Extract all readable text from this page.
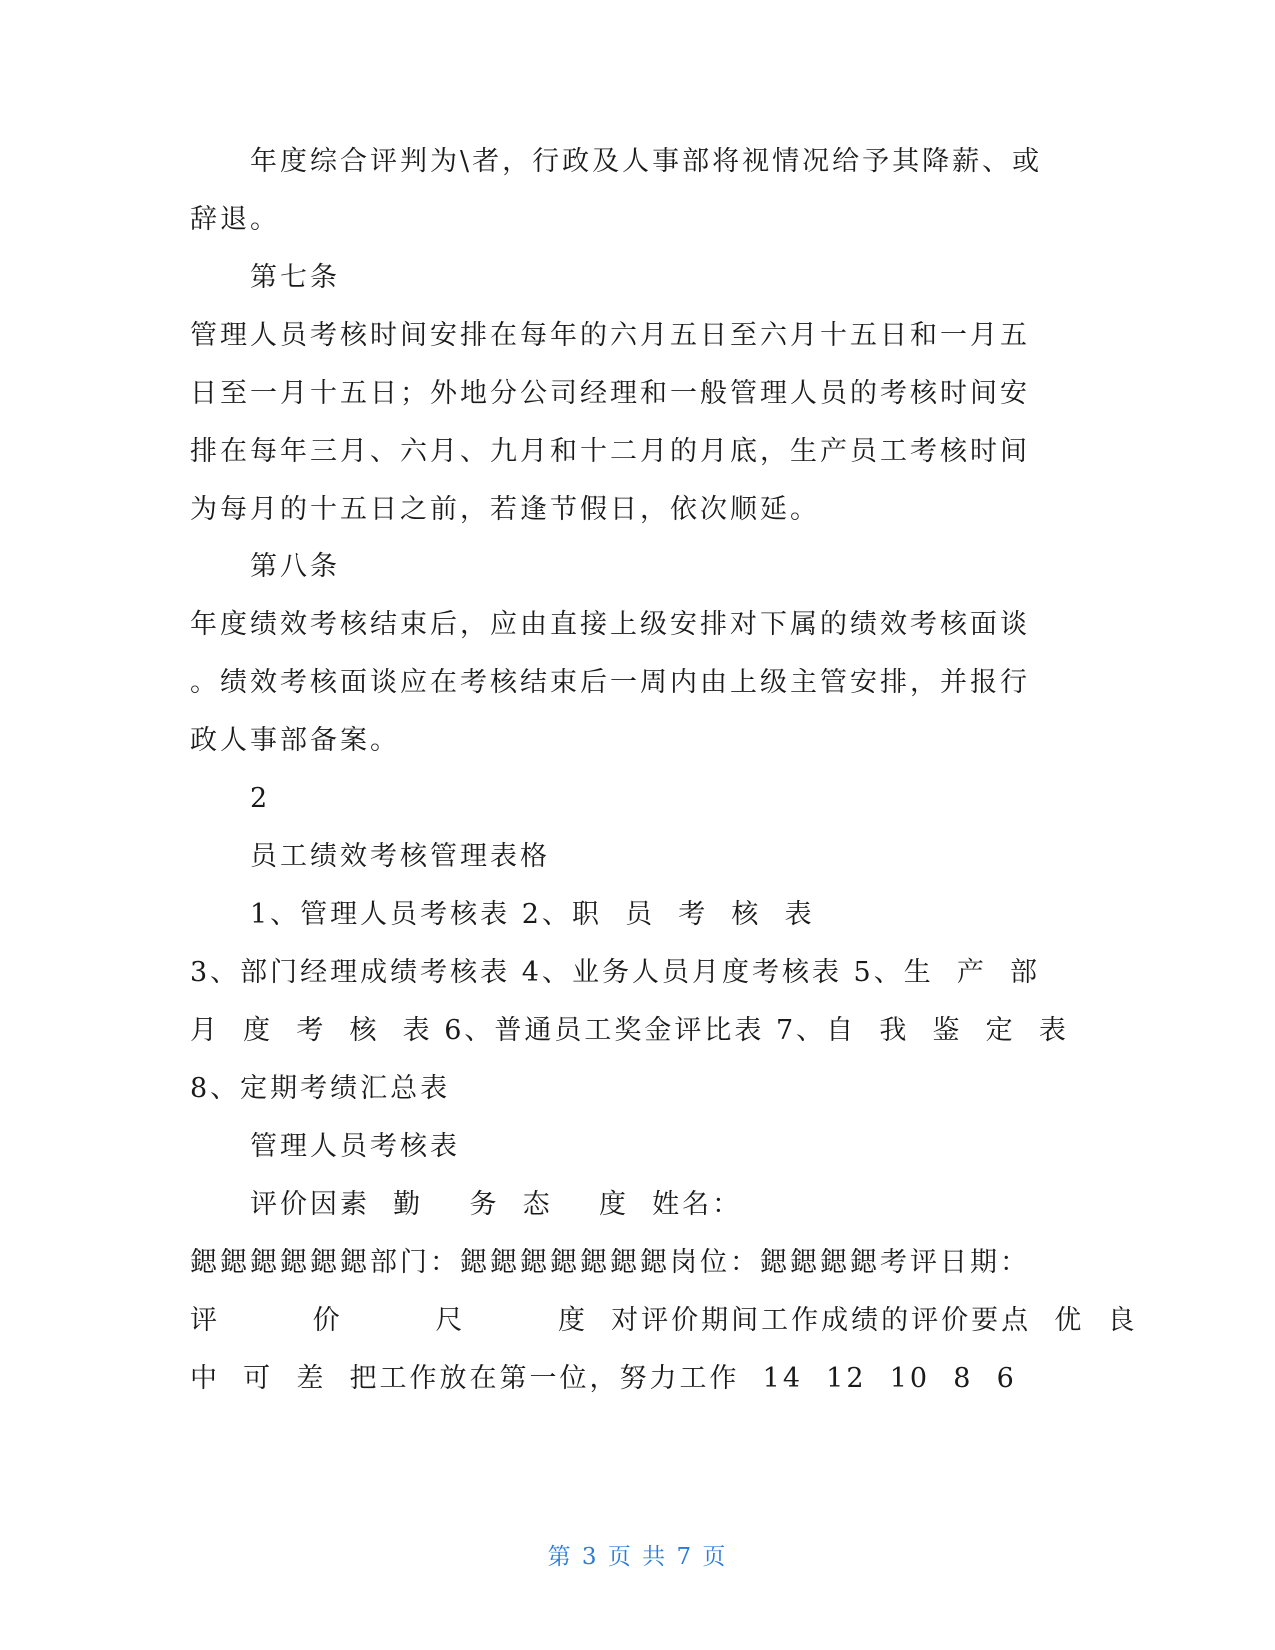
年度综合评判为\者，行政及人事部将视情况给予其降薪、或
辞退。
第七条
管理人员考核时间安排在每年的六月五日至六月十五日和一月五
日至一月十五日；外地分公司经理和一般管理人员的考核时间安
排在每年三月、六月、九月和十二月的月底，生产员工考核时间
为每月的十五日之前，若逢节假日，依次顺延。
第八条
年度绩效考核结束后，应由直接上级安排对下属的绩效考核面谈
。绩效考核面谈应在考核结束后一周内由上级主管安排，并报行
政人事部备案。
2
员工绩效考核管理表格
1、管理人员考核表 2、职  员  考  核  表
3、部门经理成绩考核表 4、业务人员月度考核表 5、生  产  部
月  度  考  核  表 6、普通员工奖金评比表 7、自  我  鉴  定  表
8、定期考绩汇总表
管理人员考核表
评价因素  勤    务  态    度  姓名：
鍶鍶鍶鍶鍶鍶部门：鍶鍶鍶鍶鍶鍶鍶岗位：鍶鍶鍶鍶考评日期：
评        价        尺        度  对评价期间工作成绩的评价要点  优  良
中  可  差  把工作放在第一位，努力工作  14  12  10  8  6
第 3 页 共 7 页
